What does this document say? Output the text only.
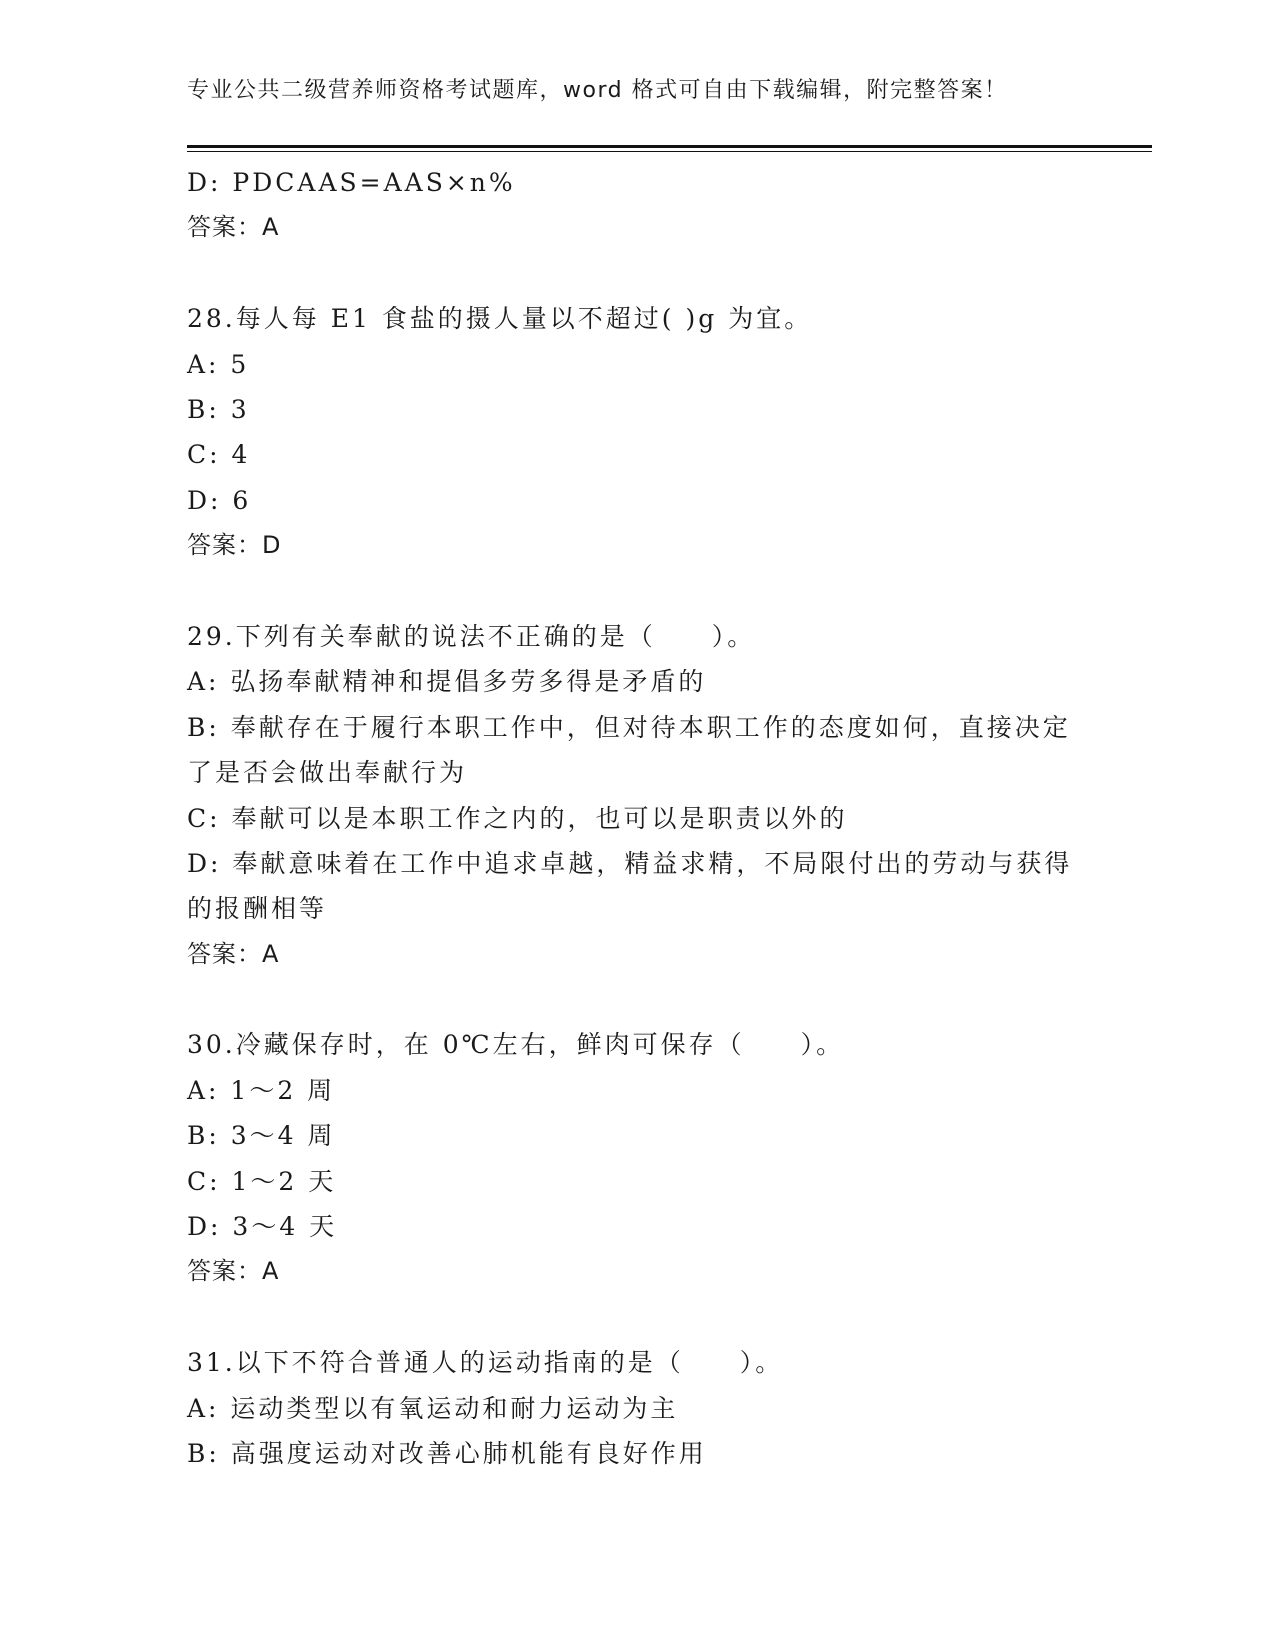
专业公共二级营养师资格考试题库，word 格式可自由下载编辑，附完整答案！
D: PDCAAS=AAS×n%
答案：A
28.每人每 E1 食盐的摄人量以不超过( )g 为宜。
A: 5
B: 3
C: 4
D: 6
答案：D
29.下列有关奉献的说法不正确的是（　　）。
A: 弘扬奉献精神和提倡多劳多得是矛盾的
B: 奉献存在于履行本职工作中，但对待本职工作的态度如何，直接决定了是否会做出奉献行为
C: 奉献可以是本职工作之内的，也可以是职责以外的
D: 奉献意味着在工作中追求卓越，精益求精，不局限付出的劳动与获得的报酬相等
答案：A
30.冷藏保存时，在 0℃左右，鲜肉可保存（　　）。
A: 1～2 周
B: 3～4 周
C: 1～2 天
D: 3～4 天
答案：A
31.以下不符合普通人的运动指南的是（　　）。
A: 运动类型以有氧运动和耐力运动为主
B: 高强度运动对改善心肺机能有良好作用
